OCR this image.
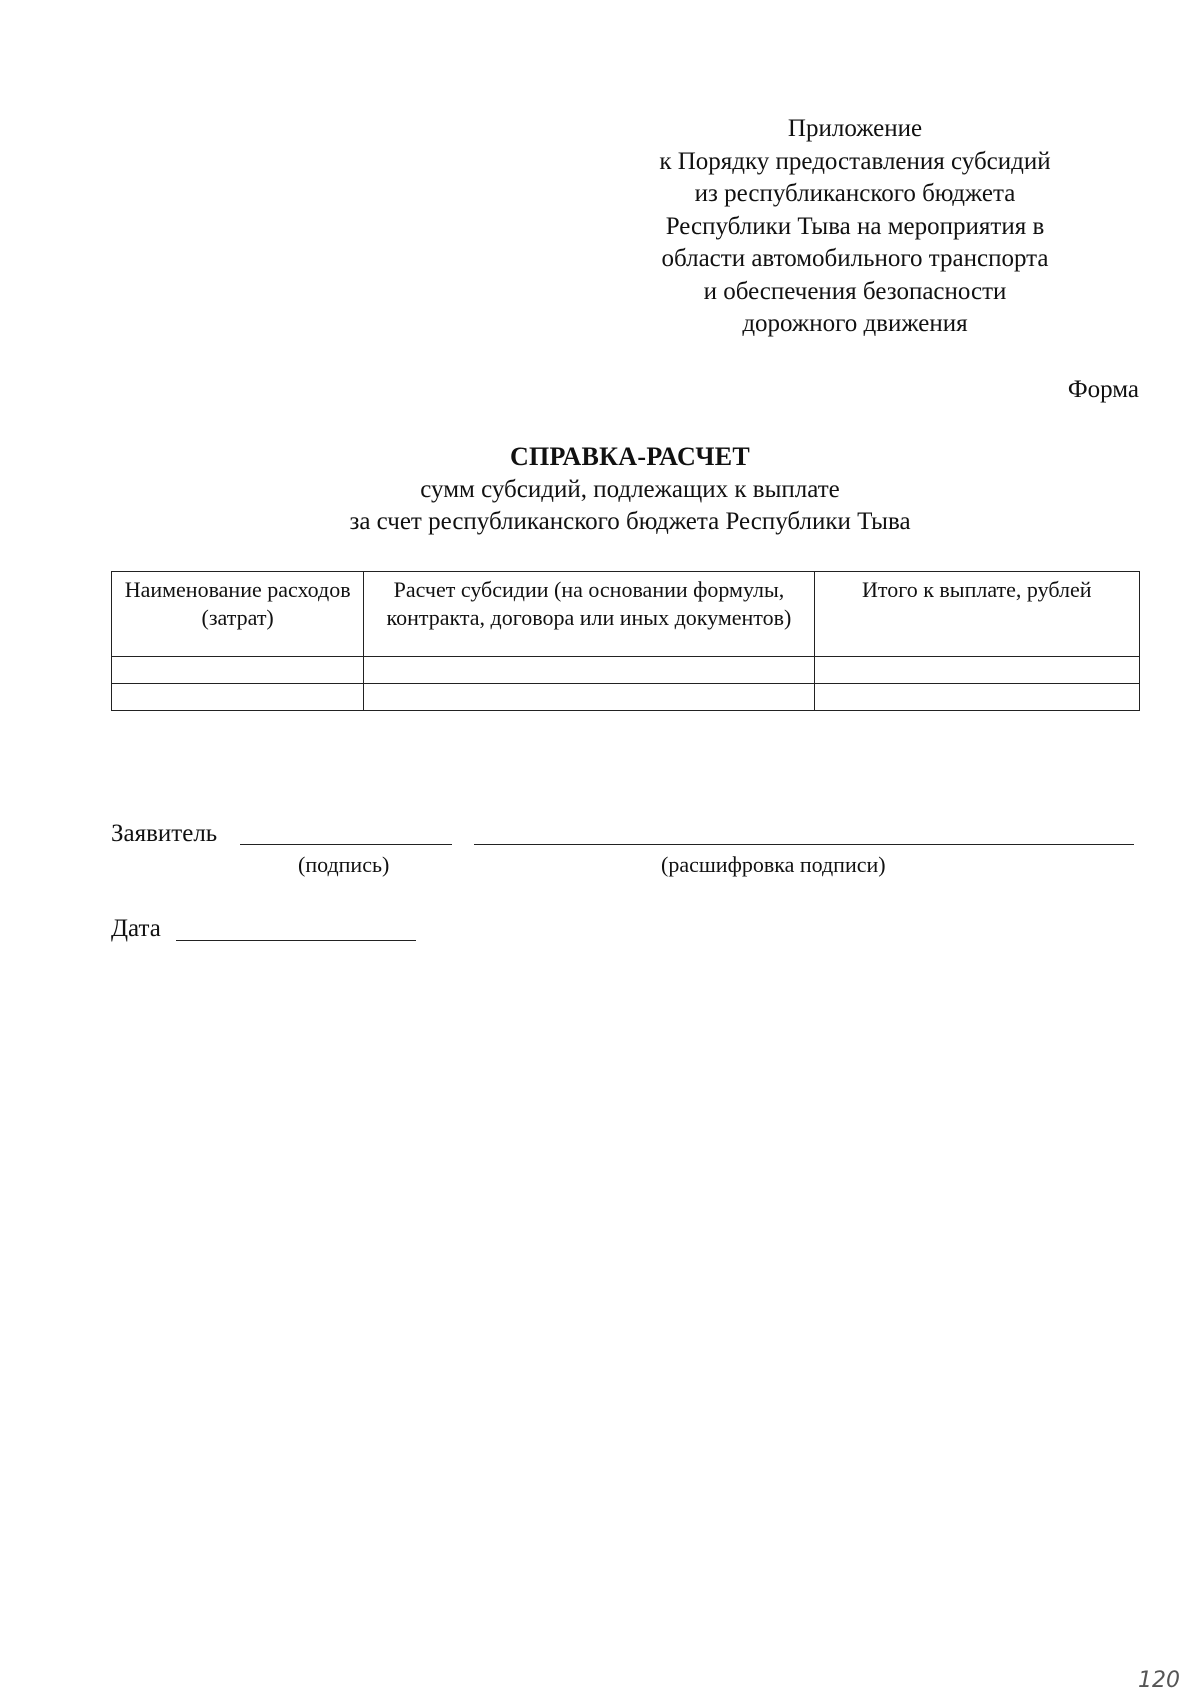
Приложение
к Порядку предоставления субсидий
из республиканского бюджета
Республики Тыва на мероприятия в
области автомобильного транспорта
и обеспечения безопасности
дорожного движения
Форма
СПРАВКА-РАСЧЕТ
сумм субсидий, подлежащих к выплате
за счет республиканского бюджета Республики Тыва
Наименование расходов (затрат)	Расчет субсидии (на основании формулы, контракта, договора или иных документов)	Итого к выплате, рублей

Заявитель
(подпись)	(расшифровка подписи)
Дата
120
